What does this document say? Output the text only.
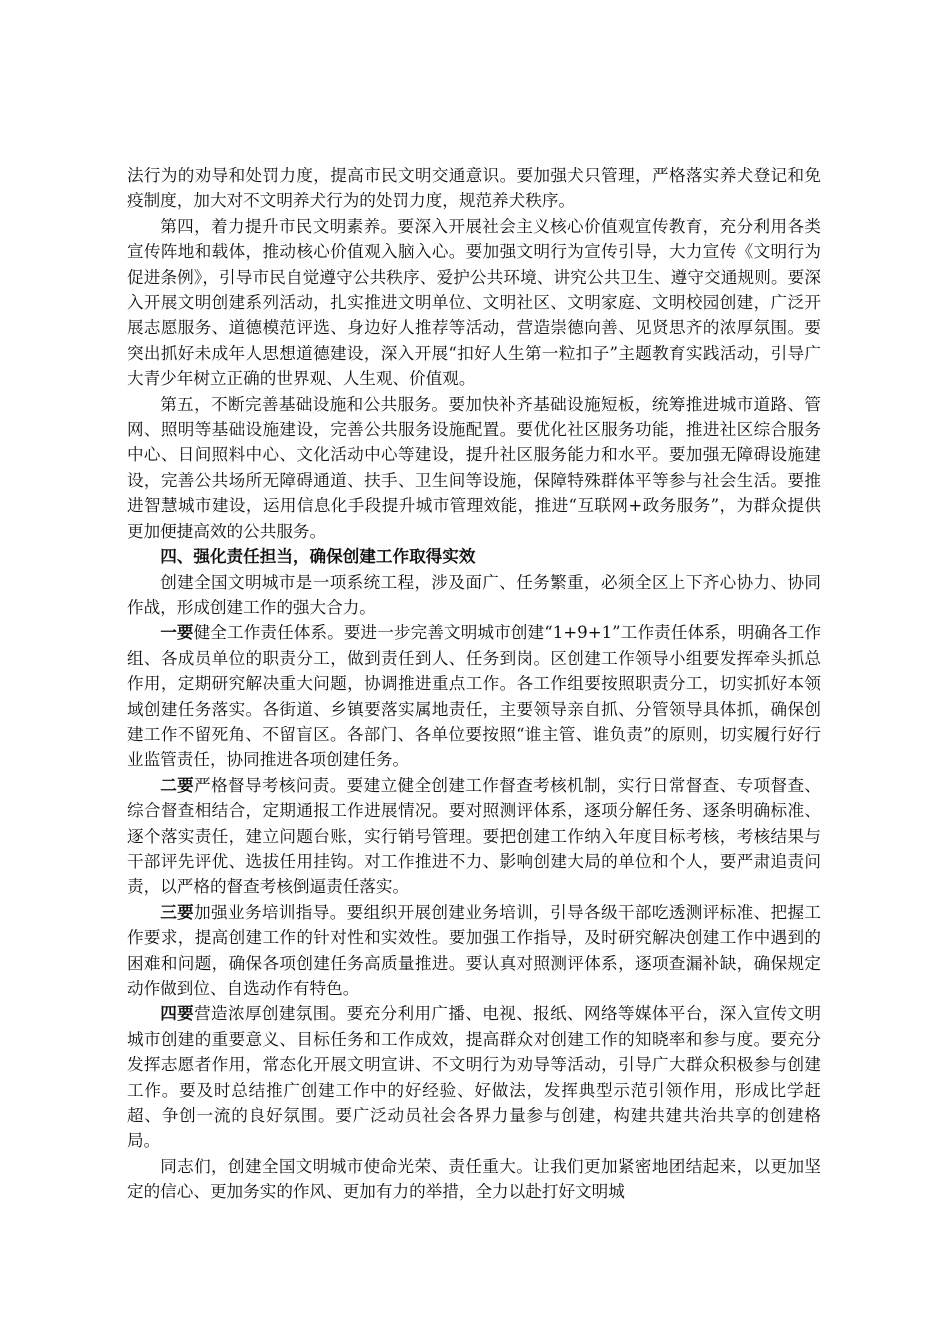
法行为的劝导和处罚力度，提高市民文明交通意识。要加强犬只管理，严格落实养犬登记和免疫制度，加大对不文明养犬行为的处罚力度，规范养犬秩序。

第四，着力提升市民文明素养。要深入开展社会主义核心价值观宣传教育，充分利用各类宣传阵地和载体，推动核心价值观入脑入心。要加强文明行为宣传引导，大力宣传《文明行为促进条例》，引导市民自觉遵守公共秩序、爱护公共环境、讲究公共卫生、遵守交通规则。要深入开展文明创建系列活动，扎实推进文明单位、文明社区、文明家庭、文明校园创建，广泛开展志愿服务、道德模范评选、身边好人推荐等活动，营造崇德向善、见贤思齐的浓厚氛围。要突出抓好未成年人思想道德建设，深入开展“扣好人生第一粒扣子”主题教育实践活动，引导广大青少年树立正确的世界观、人生观、价值观。

第五，不断完善基础设施和公共服务。要加快补齐基础设施短板，统筹推进城市道路、管网、照明等基础设施建设，完善公共服务设施配置。要优化社区服务功能，推进社区综合服务中心、日间照料中心、文化活动中心等建设，提升社区服务能力和水平。要加强无障碍设施建设，完善公共场所无障碍通道、扶手、卫生间等设施，保障特殊群体平等参与社会生活。要推进智慧城市建设，运用信息化手段提升城市管理效能，推进“互联网+政务服务”，为群众提供更加便捷高效的公共服务。

四、强化责任担当，确保创建工作取得实效

创建全国文明城市是一项系统工程，涉及面广、任务繁重，必须全区上下齐心协力、协同作战，形成创建工作的强大合力。

一要健全工作责任体系。要进一步完善文明城市创建“1+9+1”工作责任体系，明确各工作组、各成员单位的职责分工，做到责任到人、任务到岗。区创建工作领导小组要发挥牵头抓总作用，定期研究解决重大问题，协调推进重点工作。各工作组要按照职责分工，切实抓好本领域创建任务落实。各街道、乡镇要落实属地责任，主要领导亲自抓、分管领导具体抓，确保创建工作不留死角、不留盲区。各部门、各单位要按照“谁主管、谁负责”的原则，切实履行好行业监管责任，协同推进各项创建任务。

二要严格督导考核问责。要建立健全创建工作督查考核机制，实行日常督查、专项督查、综合督查相结合，定期通报工作进展情况。要对照测评体系，逐项分解任务、逐条明确标准、逐个落实责任，建立问题台账，实行销号管理。要把创建工作纳入年度目标考核，考核结果与干部评先评优、选拔任用挂钩。对工作推进不力、影响创建大局的单位和个人，要严肃追责问责，以严格的督查考核倒逼责任落实。

三要加强业务培训指导。要组织开展创建业务培训，引导各级干部吃透测评标准、把握工作要求，提高创建工作的针对性和实效性。要加强工作指导，及时研究解决创建工作中遇到的困难和问题，确保各项创建任务高质量推进。要认真对照测评体系，逐项查漏补缺，确保规定动作做到位、自选动作有特色。

四要营造浓厚创建氛围。要充分利用广播、电视、报纸、网络等媒体平台，深入宣传文明城市创建的重要意义、目标任务和工作成效，提高群众对创建工作的知晓率和参与度。要充分发挥志愿者作用，常态化开展文明宣讲、不文明行为劝导等活动，引导广大群众积极参与创建工作。要及时总结推广创建工作中的好经验、好做法，发挥典型示范引领作用，形成比学赶超、争创一流的良好氛围。要广泛动员社会各界力量参与创建，构建共建共治共享的创建格局。

同志们，创建全国文明城市使命光荣、责任重大。让我们更加紧密地团结起来，以更加坚定的信心、更加务实的作风、更加有力的举措，全力以赴打好文明城
